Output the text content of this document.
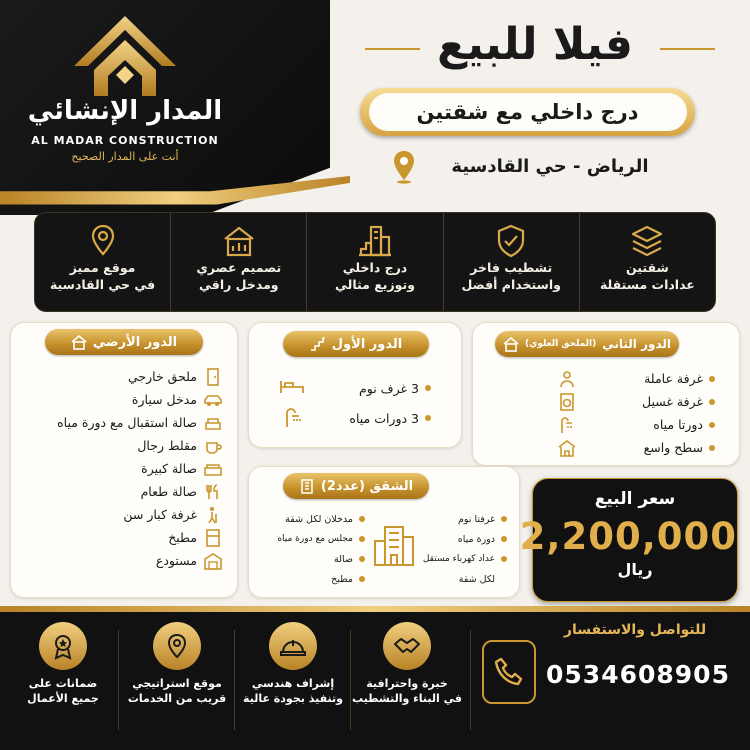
المدار الإنشائي
AL MADAR CONSTRUCTION
أنت على المدار الصحيح
فيلا للبيع
درج داخلي مع شقتين
الرياض - حي القادسية
شقتين
عدادات مستقلة
تشطيب فاخر
واستخدام أفضل
درج داخلي
وتوزيع مثالي
تصميم عصري
ومدخل راقي
موقع مميز
في حي القادسية
الدور الأرضي
ملحق خارجي
مدخل سيارة
صالة استقبال مع دورة مياه
مقلط رجال
صالة كبيرة
صالة طعام
غرفة كبار سن
مطبخ
مستودع
الدور الأول
3 غرف نوم
3 دورات مياه
الدور الثاني
(الملحق العلوي)
غرفة عاملة
غرفة غسيل
دورتا مياه
سطح واسع
الشقق (عدد2)
غرفتا نوم
دورة مياه
عداد كهرباء مستقل
لكل شقة
مدخلان لكل شقة
مجلس مع دورة مياه
صالة
مطبخ
سعر البيع
2,200,000
ريال
للتواصل والاستفسار
0534608905
خبرة واحترافية
في البناء والتشطيب
إشراف هندسي
وتنفيذ بجودة عالية
موقع استراتيجي
قريب من الخدمات
ضمانات على
جميع الأعمال
